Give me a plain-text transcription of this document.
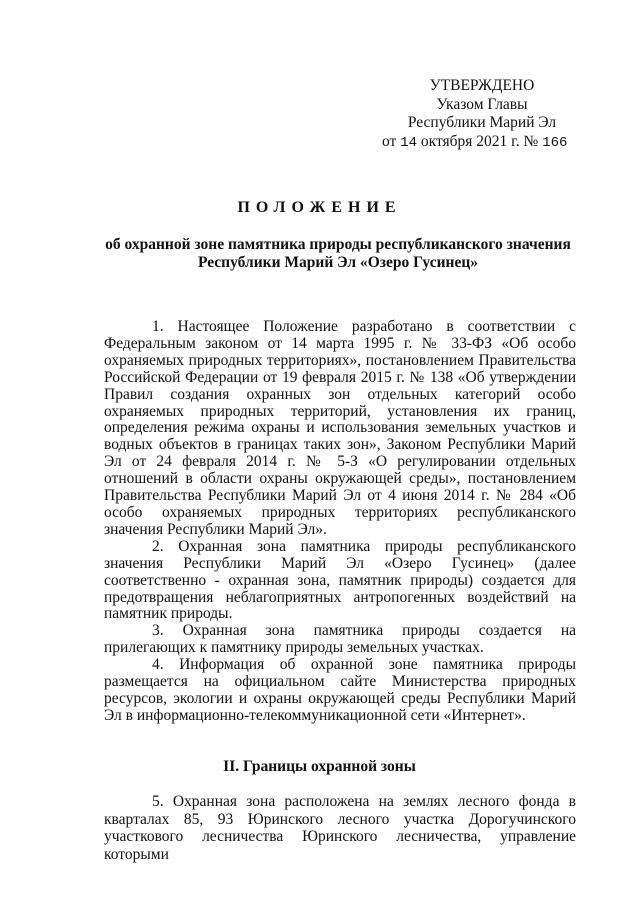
УТВЕРЖДЕНО
Указом Главы
Республики Марий Эл
от 14 октября 2021 г. № 166
ПОЛОЖЕНИЕ
об охранной зоне памятника природы республиканского значения Республики Марий Эл «Озеро Гусинец»

1. Настоящее Положение разработано в соответствии с Федеральным законом от 14 марта 1995 г. № 33-ФЗ «Об особо охраняемых природных территориях», постановлением Правительства Российской Федерации от 19 февраля 2015 г. № 138 «Об утверждении Правил создания охранных зон отдельных категорий особо охраняемых природных территорий, установления их границ, определения режима охраны и использования земельных участков и водных объектов в границах таких зон», Законом Республики Марий Эл от 24 февраля 2014 г. № 5-З «О регулировании отдельных отношений в области охраны окружающей среды», постановлением Правительства Республики Марий Эл от 4 июня 2014 г. № 284 «Об особо охраняемых природных территориях республиканского значения Республики Марий Эл».

2. Охранная зона памятника природы республиканского значения Республики Марий Эл «Озеро Гусинец» (далее соответственно - охранная зона, памятник природы) создается для предотвращения неблагоприятных антропогенных воздействий на памятник природы.

3. Охранная зона памятника природы создается на прилегающих к памятнику природы земельных участках.

4. Информация об охранной зоне памятника природы размещается на официальном сайте Министерства природных ресурсов, экологии и охраны окружающей среды Республики Марий Эл в информационно-телекоммуникационной сети «Интернет».

II. Границы охранной зоны

5. Охранная зона расположена на землях лесного фонда в кварталах 85, 93 Юринского лесного участка Дорогучинского участкового лесничества Юринского лесничества, управление которыми
